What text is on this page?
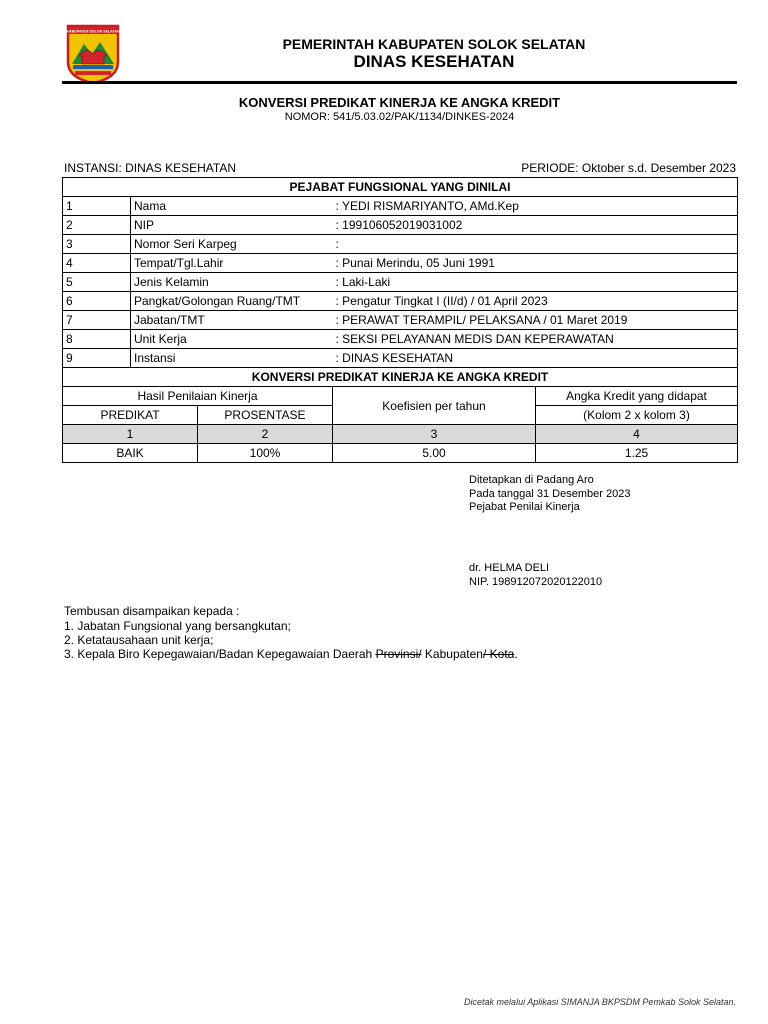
KABUPATEN SOLOK SELATAN
PEMERINTAH KABUPATEN SOLOK SELATAN
DINAS KESEHATAN
KONVERSI PREDIKAT KINERJA KE ANGKA KREDIT
NOMOR: 541/5.03.02/PAK/1134/DINKES-2024
INSTANSI: DINAS KESEHATAN	PERIODE: Oktober s.d. Desember 2023
PEJABAT FUNGSIONAL YANG DINILAI				
1	Nama		: YEDI RISMARIYANTO, AMd.Kep	
2	NIP		: 199106052019031002	
3	Nomor Seri Karpeg		:	
4	Tempat/Tgl.Lahir		: Punai Merindu, 05 Juni 1991	
5	Jenis Kelamin		: Laki-Laki	
6	Pangkat/Golongan Ruang/TMT		: Pengatur Tingkat I (II/d) / 01 April 2023	
7	Jabatan/TMT		: PERAWAT TERAMPIL/ PELAKSANA / 01 Maret 2019	
8	Unit Kerja		: SEKSI PELAYANAN MEDIS DAN KEPERAWATAN	
9	Instansi		: DINAS KESEHATAN	
KONVERSI PREDIKAT KINERJA KE ANGKA KREDIT				
Hasil Penilaian Kinerja			Koefisien per tahun	Angka Kredit yang didapat
PREDIKAT		PROSENTASE		(Kolom 2 x kolom 3)
1		2	3	4
BAIK		100%	5.00	1.25
Ditetapkan di Padang Aro
Pada tanggal 31 Desember 2023
Pejabat Penilai Kinerja
dr. HELMA DELI
NIP. 198912072020122010
Tembusan disampaikan kepada :
1. Jabatan Fungsional yang bersangkutan;
2. Ketatausahaan unit kerja;
3. Kepala Biro Kepegawaian/Badan Kepegawaian Daerah Provinsi/ Kabupaten/ Kota.
Dicetak melalui Aplikasi SIMANJA BKPSDM Pemkab Solok Selatan.
